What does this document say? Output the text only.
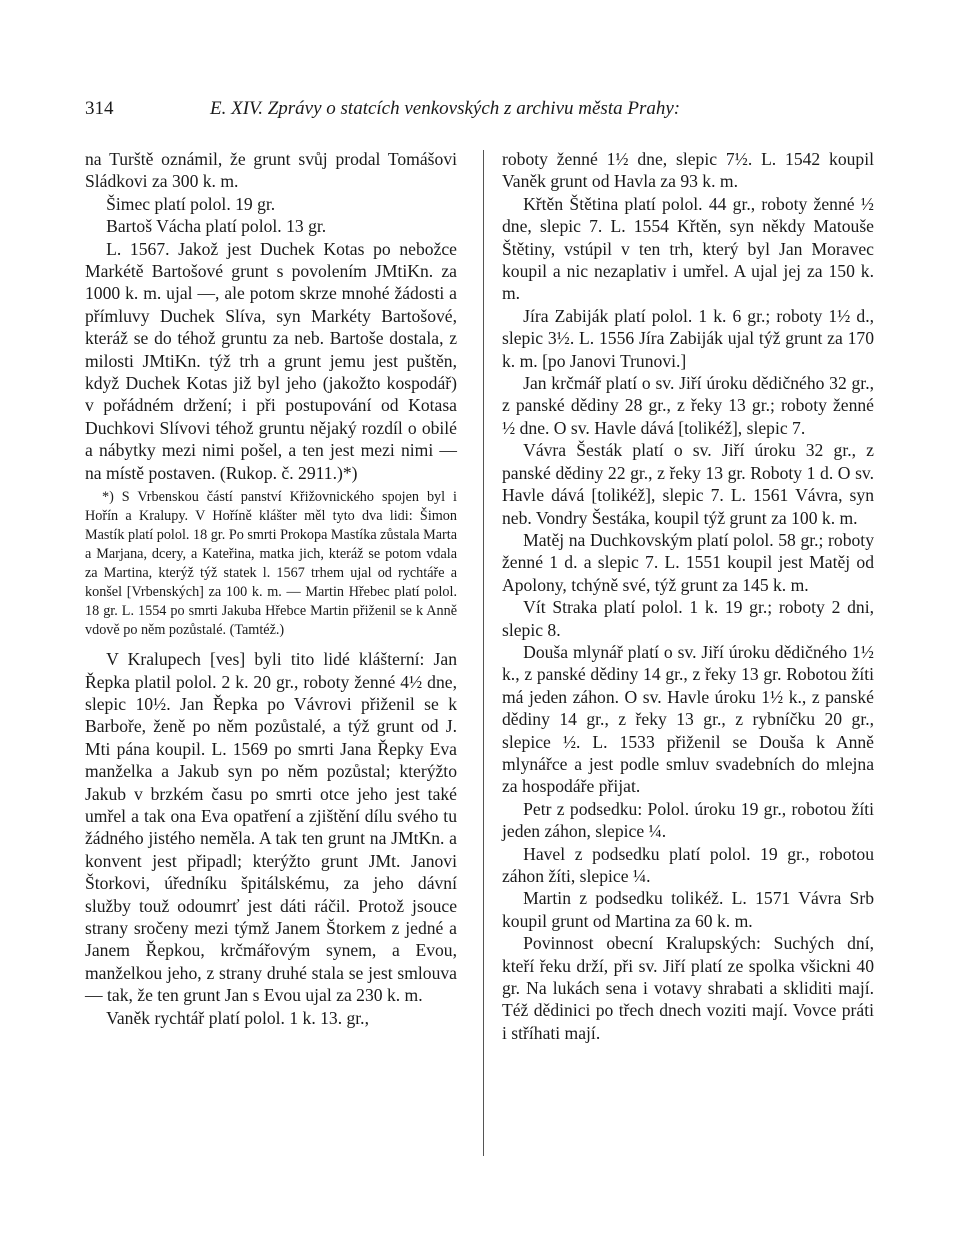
314	E. XIV. Zprávy o statcích venkovských z archivu města Prahy:

na Turště oznámil, že grunt svůj prodal Tomášovi Sládkovi za 300 k. m.

Šimec platí polol. 19 gr.

Bartoš Vácha platí polol. 13 gr.

L. 1567. Jakož jest Duchek Kotas po nebožce Markétě Bartošové grunt s povolením JMtiKn. za 1000 k. m. ujal —, ale potom skrze mnohé žádosti a přímluvy Duchek Slíva, syn Markéty Bartošové, kteráž se do téhož gruntu za neb. Bartoše dostala, z milosti JMtiKn. týž trh a grunt jemu jest puštěn, když Duchek Kotas již byl jeho (jakožto kospodář) v pořádném držení; i při postupování od Kotasa Duchkovi Slívovi téhož gruntu nějaký rozdíl o obilé a nábytky mezi nimi pošel, a ten jest mezi nimi — na místě postaven. (Rukop. č. 2911.)*)

*) S Vrbenskou částí panství Křižovnického spojen byl i Hořín a Kralupy. V Hoříně klášter měl tyto dva lidi: Šimon Mastík platí polol. 18 gr. Po smrti Prokopa Mastíka zůstala Marta a Marjana, dcery, a Kateřina, matka jich, kteráž se potom vdala za Martina, kterýž týž statek l. 1567 trhem ujal od rychtáře a konšel [Vrbenských] za 100 k. m. — Martin Hřebec platí polol. 18 gr. L. 1554 po smrti Jakuba Hřebce Martin přiženil se k Anně vdově po něm pozůstalé. (Tamtéž.)

V Kralupech [ves] byli tito lidé klášterní: Jan Řepka platil polol. 2 k. 20 gr., roboty ženné 4½ dne, slepic 10½. Jan Řepka po Vávrovi přiženil se k Barboře, ženě po něm pozůstalé, a týž grunt od J. Mti pána koupil. L. 1569 po smrti Jana Řepky Eva manželka a Jakub syn po něm pozůstal; kterýžto Jakub v brzkém času po smrti otce jeho jest také umřel a tak ona Eva opatření a zjištění dílu svého tu žádného jistého neměla. A tak ten grunt na JMtKn. a konvent jest připadl; kterýžto grunt JMt. Janovi Štorkovi, úředníku špitálskému, za jeho dávní služby touž odoumrť jest dáti ráčil. Protož jsouce strany sročeny mezi týmž Janem Štorkem z jedné a Janem Řepkou, krčmářovým synem, a Evou, manželkou jeho, z strany druhé stala se jest smlouva — tak, že ten grunt Jan s Evou ujal za 230 k. m.

Vaněk rychtář platí polol. 1 k. 13. gr.,

roboty ženné 1½ dne, slepic 7½. L. 1542 koupil Vaněk grunt od Havla za 93 k. m.

Křtěn Štětina platí polol. 44 gr., roboty ženné ½ dne, slepic 7. L. 1554 Křtěn, syn někdy Matouše Štětiny, vstúpil v ten trh, který byl Jan Moravec koupil a nic nezaplativ i umřel. A ujal jej za 150 k. m.

Jíra Zabiják platí polol. 1 k. 6 gr.; roboty 1½ d., slepic 3½. L. 1556 Jíra Zabiják ujal týž grunt za 170 k. m. [po Janovi Trunovi.]

Jan krčmář platí o sv. Jiří úroku dědičného 32 gr., z panské dědiny 28 gr., z řeky 13 gr.; roboty ženné ½ dne. O sv. Havle dává [tolikéž], slepic 7.

Vávra Šesták platí o sv. Jiří úroku 32 gr., z panské dědiny 22 gr., z řeky 13 gr. Roboty 1 d. O sv. Havle dává [tolikéž], slepic 7. L. 1561 Vávra, syn neb. Vondry Šestáka, koupil týž grunt za 100 k. m.

Matěj na Duchkovským platí polol. 58 gr.; roboty ženné 1 d. a slepic 7. L. 1551 koupil jest Matěj od Apolony, tchýně své, týž grunt za 145 k. m.

Vít Straka platí polol. 1 k. 19 gr.; roboty 2 dni, slepic 8.

Douša mlynář platí o sv. Jiří úroku dědičného 1½ k., z panské dědiny 14 gr., z řeky 13 gr. Robotou žíti má jeden záhon. O sv. Havle úroku 1½ k., z panské dědiny 14 gr., z řeky 13 gr., z rybníčku 20 gr., slepice ½. L. 1533 přiženil se Douša k Anně mlynářce a jest podle smluv svadebních do mlejna za hospodáře přijat.

Petr z podsedku: Polol. úroku 19 gr., robotou žíti jeden záhon, slepice ¼.

Havel z podsedku platí polol. 19 gr., robotou záhon žíti, slepice ¼.

Martin z podsedku tolikéž. L. 1571 Vávra Srb koupil grunt od Martina za 60 k. m.

Povinnost obecní Kralupských: Suchých dní, kteří řeku drží, při sv. Jiří platí ze spolka všickni 40 gr. Na lukách sena i votavy shrabati a skliditi mají. Též dědinici po třech dnech voziti mají. Vovce práti i stříhati mají.
